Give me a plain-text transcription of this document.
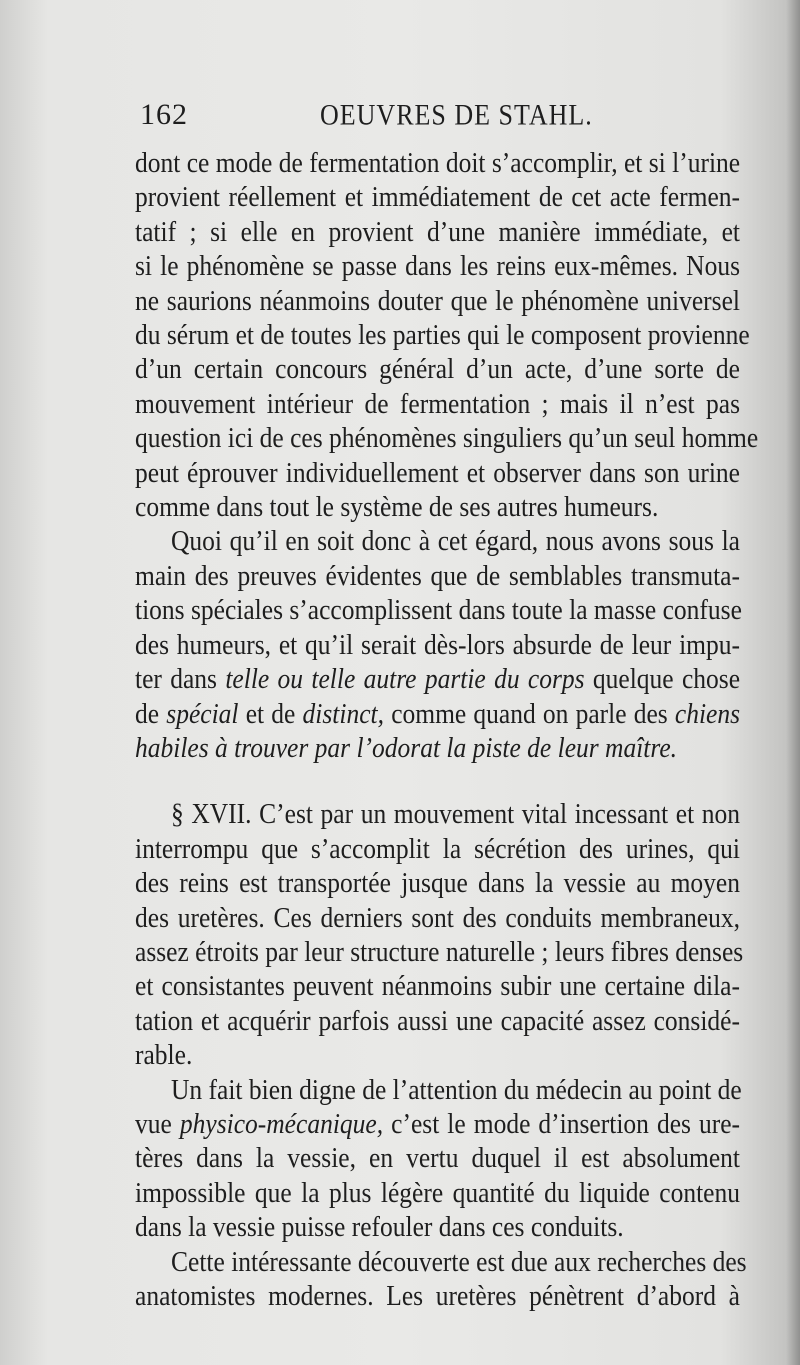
162	OEUVRES DE STAHL.
dont ce mode de fermentation doit s’accomplir, et si l’urine
provient réellement et immédiatement de cet acte fermen-
tatif ; si elle en provient d’une manière immédiate, et
si le phénomène se passe dans les reins eux-mêmes. Nous
ne saurions néanmoins douter que le phénomène universel
du sérum et de toutes les parties qui le composent provienne
d’un certain concours général d’un acte, d’une sorte de
mouvement intérieur de fermentation ; mais il n’est pas
question ici de ces phénomènes singuliers qu’un seul homme
peut éprouver individuellement et observer dans son urine
comme dans tout le système de ses autres humeurs.
Quoi qu’il en soit donc à cet égard, nous avons sous la
main des preuves évidentes que de semblables transmuta-
tions spéciales s’accomplissent dans toute la masse confuse
des humeurs, et qu’il serait dès-lors absurde de leur impu-
ter dans telle ou telle autre partie du corps quelque chose
de spécial et de distinct, comme quand on parle des chiens
habiles à trouver par l’odorat la piste de leur maître.
§ XVII. C’est par un mouvement vital incessant et non
interrompu que s’accomplit la sécrétion des urines, qui
des reins est transportée jusque dans la vessie au moyen
des uretères. Ces derniers sont des conduits membraneux,
assez étroits par leur structure naturelle ; leurs fibres denses
et consistantes peuvent néanmoins subir une certaine dila-
tation et acquérir parfois aussi une capacité assez considé-
rable.
Un fait bien digne de l’attention du médecin au point de
vue physico-mécanique, c’est le mode d’insertion des ure-
tères dans la vessie, en vertu duquel il est absolument
impossible que la plus légère quantité du liquide contenu
dans la vessie puisse refouler dans ces conduits.
Cette intéressante découverte est due aux recherches des
anatomistes modernes. Les uretères pénètrent d’abord à
